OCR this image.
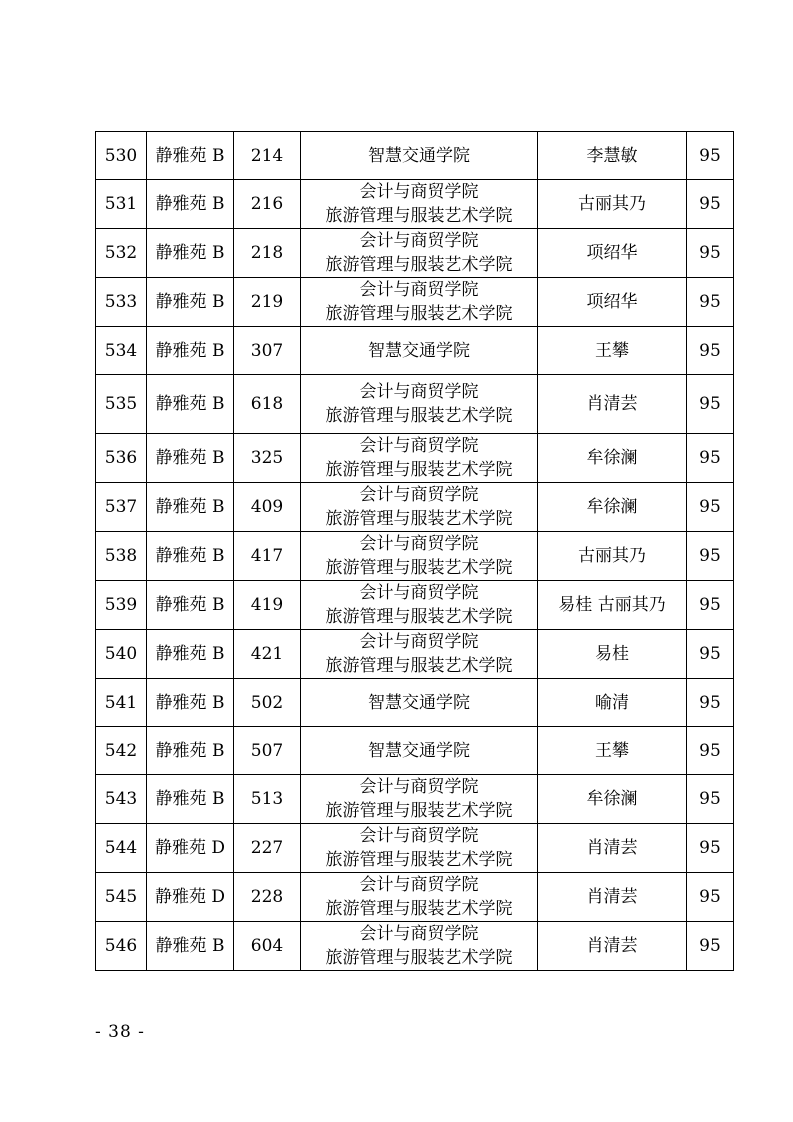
530	静雅苑 B	214	智慧交通学院	李慧敏	95
531	静雅苑 B	216	会计与商贸学院
旅游管理与服装艺术学院	古丽其乃	95
532	静雅苑 B	218	会计与商贸学院
旅游管理与服装艺术学院	项绍华	95
533	静雅苑 B	219	会计与商贸学院
旅游管理与服装艺术学院	项绍华	95
534	静雅苑 B	307	智慧交通学院	王攀	95
535	静雅苑 B	618	会计与商贸学院
旅游管理与服装艺术学院	肖清芸	95
536	静雅苑 B	325	会计与商贸学院
旅游管理与服装艺术学院	牟徐澜	95
537	静雅苑 B	409	会计与商贸学院
旅游管理与服装艺术学院	牟徐澜	95
538	静雅苑 B	417	会计与商贸学院
旅游管理与服装艺术学院	古丽其乃	95
539	静雅苑 B	419	会计与商贸学院
旅游管理与服装艺术学院	易桂 古丽其乃	95
540	静雅苑 B	421	会计与商贸学院
旅游管理与服装艺术学院	易桂	95
541	静雅苑 B	502	智慧交通学院	喻清	95
542	静雅苑 B	507	智慧交通学院	王攀	95
543	静雅苑 B	513	会计与商贸学院
旅游管理与服装艺术学院	牟徐澜	95
544	静雅苑 D	227	会计与商贸学院
旅游管理与服装艺术学院	肖清芸	95
545	静雅苑 D	228	会计与商贸学院
旅游管理与服装艺术学院	肖清芸	95
546	静雅苑 B	604	会计与商贸学院
旅游管理与服装艺术学院	肖清芸	95
- 38 -
